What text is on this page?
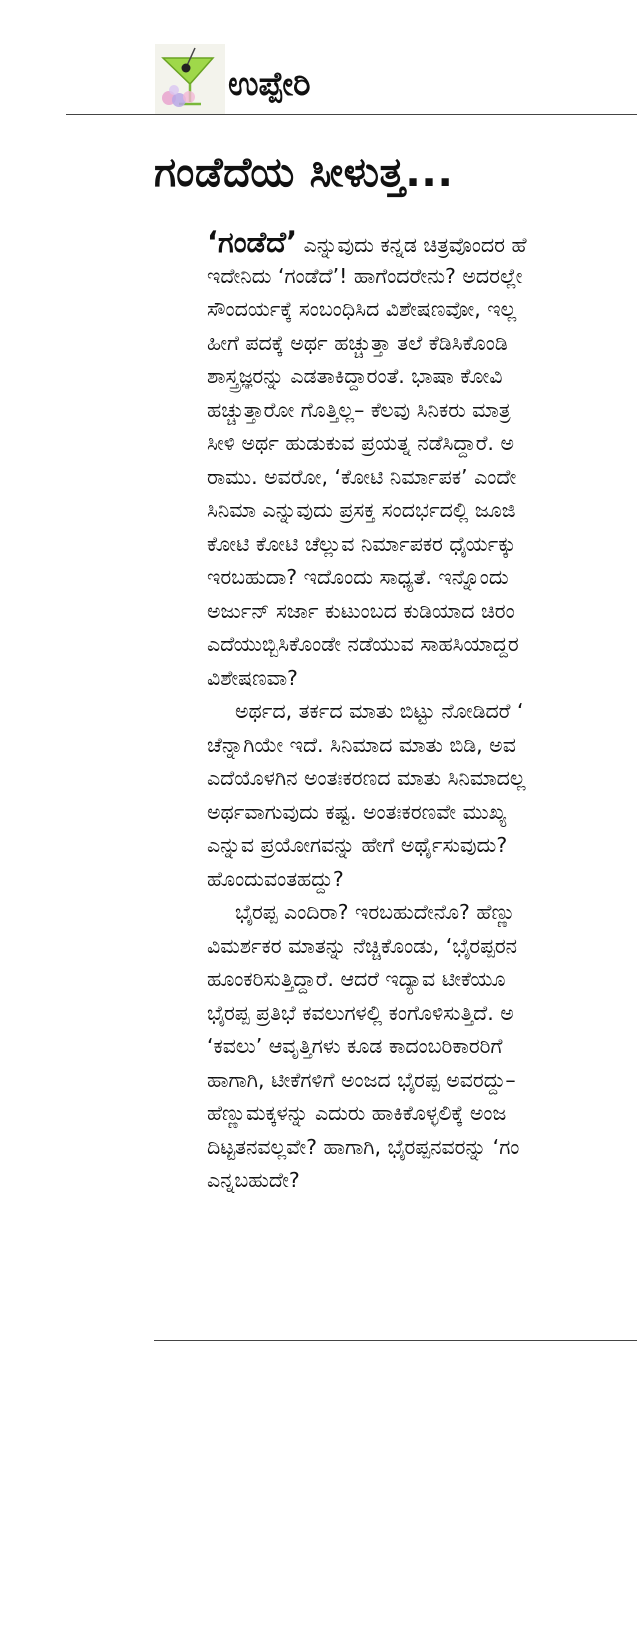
ಉಪ್ಪೇರಿ
ಗಂಡೆದೆಯ ಸೀಳುತ್ತ...
‘ಗಂಡೆದೆ’ ಎನ್ನುವುದು ಕನ್ನಡ ಚಿತ್ರವೊಂದರ ಹೆ
ಇದೇನಿದು ‘ಗಂಡೆದೆ’! ಹಾಗೆಂದರೇನು? ಅದರಲ್ಲೇ
ಸೌಂದರ್ಯಕ್ಕೆ ಸಂಬಂಧಿಸಿದ ವಿಶೇಷಣವೋ, ಇಲ್ಲ
ಹೀಗೆ ಪದಕ್ಕೆ ಅರ್ಥ ಹಚ್ಚುತ್ತಾ ತಲೆ ಕೆಡಿಸಿಕೊಂಡಿ
ಶಾಸ್ತ್ರಜ್ಞರನ್ನು ಎಡತಾಕಿದ್ದಾರಂತೆ. ಭಾಷಾ ಕೋವಿ
ಹಚ್ಚುತ್ತಾರೋ ಗೊತ್ತಿಲ್ಲ– ಕೆಲವು ಸಿನಿಕರು ಮಾತ್ರ
ಸೀಳಿ ಅರ್ಥ ಹುಡುಕುವ ಪ್ರಯತ್ನ ನಡೆಸಿದ್ದಾರೆ. ಅ
ರಾಮು. ಅವರೋ, ‘ಕೋಟಿ ನಿರ್ಮಾಪಕ’ ಎಂದೇ
ಸಿನಿಮಾ ಎನ್ನುವುದು ಪ್ರಸಕ್ತ ಸಂದರ್ಭದಲ್ಲಿ ಜೂಜಿ
ಕೋಟಿ ಕೋಟಿ ಚೆಲ್ಲುವ ನಿರ್ಮಾಪಕರ ಧೈರ್ಯಕ್ಕು
ಇರಬಹುದಾ? ಇದೊಂದು ಸಾಧ್ಯತೆ. ಇನ್ನೊಂದು
ಅರ್ಜುನ್ ಸರ್ಜಾ ಕುಟುಂಬದ ಕುಡಿಯಾದ ಚಿರಂ
ಎದೆಯುಬ್ಬಿಸಿಕೊಂಡೇ ನಡೆಯುವ ಸಾಹಸಿಯಾದ್ದರ
ವಿಶೇಷಣವಾ?
ಅರ್ಥದ, ತರ್ಕದ ಮಾತು ಬಿಟ್ಟು ನೋಡಿದರೆ ‘
ಚೆನ್ನಾಗಿಯೇ ಇದೆ. ಸಿನಿಮಾದ ಮಾತು ಬಿಡಿ, ಅವ
ಎದೆಯೊಳಗಿನ ಅಂತಃಕರಣದ ಮಾತು ಸಿನಿಮಾದಲ್ಲ
ಅರ್ಥವಾಗುವುದು ಕಷ್ಟ. ಅಂತಃಕರಣವೇ ಮುಖ್ಯ
ಎನ್ನುವ ಪ್ರಯೋಗವನ್ನು ಹೇಗೆ ಅರ್ಥೈಸುವುದು?
ಹೊಂದುವಂತಹದ್ದು?
ಭೈರಪ್ಪ ಎಂದಿರಾ? ಇರಬಹುದೇನೊ? ಹೆಣ್ಣು
ವಿಮರ್ಶಕರ ಮಾತನ್ನು ನೆಚ್ಚಿಕೊಂಡು, ‘ಭೈರಪ್ಪರನ
ಹೂಂಕರಿಸುತ್ತಿದ್ದಾರೆ. ಆದರೆ ಇದ್ಯಾವ ಟೀಕೆಯೂ
ಭೈರಪ್ಪ ಪ್ರತಿಭೆ ಕವಲುಗಳಲ್ಲಿ ಕಂಗೊಳಿಸುತ್ತಿದೆ. ಅ
‘ಕವಲು’ ಆವೃತ್ತಿಗಳು ಕೂಡ ಕಾದಂಬರಿಕಾರರಿಗೆ
ಹಾಗಾಗಿ, ಟೀಕೆಗಳಿಗೆ ಅಂಜದ ಭೈರಪ್ಪ ಅವರದ್ದು–
ಹೆಣ್ಣುಮಕ್ಕಳನ್ನು ಎದುರು ಹಾಕಿಕೊಳ್ಳಲಿಕ್ಕೆ ಅಂಜ
ದಿಟ್ಟತನವಲ್ಲವೇ? ಹಾಗಾಗಿ, ಭೈರಪ್ಪನವರನ್ನು ‘ಗಂ
ಎನ್ನಬಹುದೇ?
